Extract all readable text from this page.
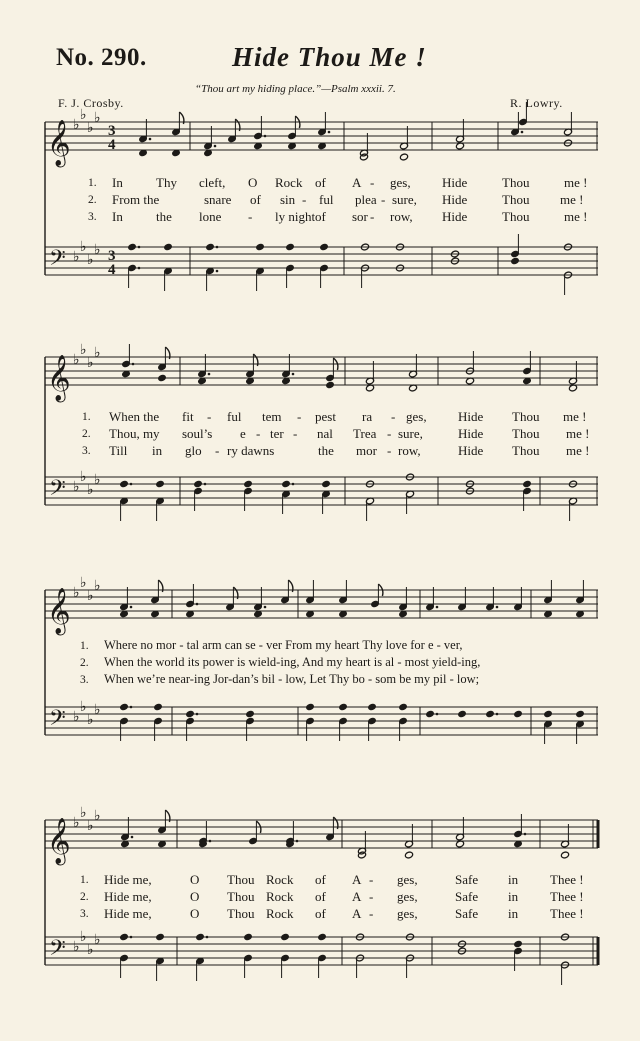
No. 290.	Hide Thou Me !
“Thou art my hiding place.”—Psalm xxxii. 7.
F. J. Crosby.	R. Lowry.
𝄞
𝄢
♭
♭
♭
♭
♭
♭
♭
♭
3
4
3
4
𝄞
𝄢
♭
♭
♭
♭
♭
♭
♭
♭
𝄞
𝄢
♭
♭
♭
♭
♭
♭
♭
♭
𝄞
𝄢
♭
♭
♭
♭
♭
♭
♭
♭
1.
2.
3.
In	Thy cleft, O Rock of A - ges, Hide	Thou	me !
From the	snare of sin - ful plea - sure, Hide	Thou me !
In	the lone - ly night of sor - row, Hide	Thou	me !
1.
2.
3.
When the fit - ful tem - pest ra - ges, Hide Thou me !
Thou, my soul’s e - ter - nal Trea - sure,	Hide Thou me !
Till in glo - ry dawns	the mor - row,	Hide Thou me !
1. Where no mor - tal arm can se - ver From my heart Thy love for e - ver,
2. When the world its power is wield-ing, And my heart is al - most yield-ing,
3. When we’re near-ing Jor-dan’s bil - low, Let Thy bo - som be my pil - low;
1.
2.
3.
Hide me,	O Thou Rock of A - ges,	Safe in Thee !
Hide me,	O Thou Rock of A - ges,	Safe in Thee !
Hide me,	O Thou Rock of A - ges,	Safe in Thee !
